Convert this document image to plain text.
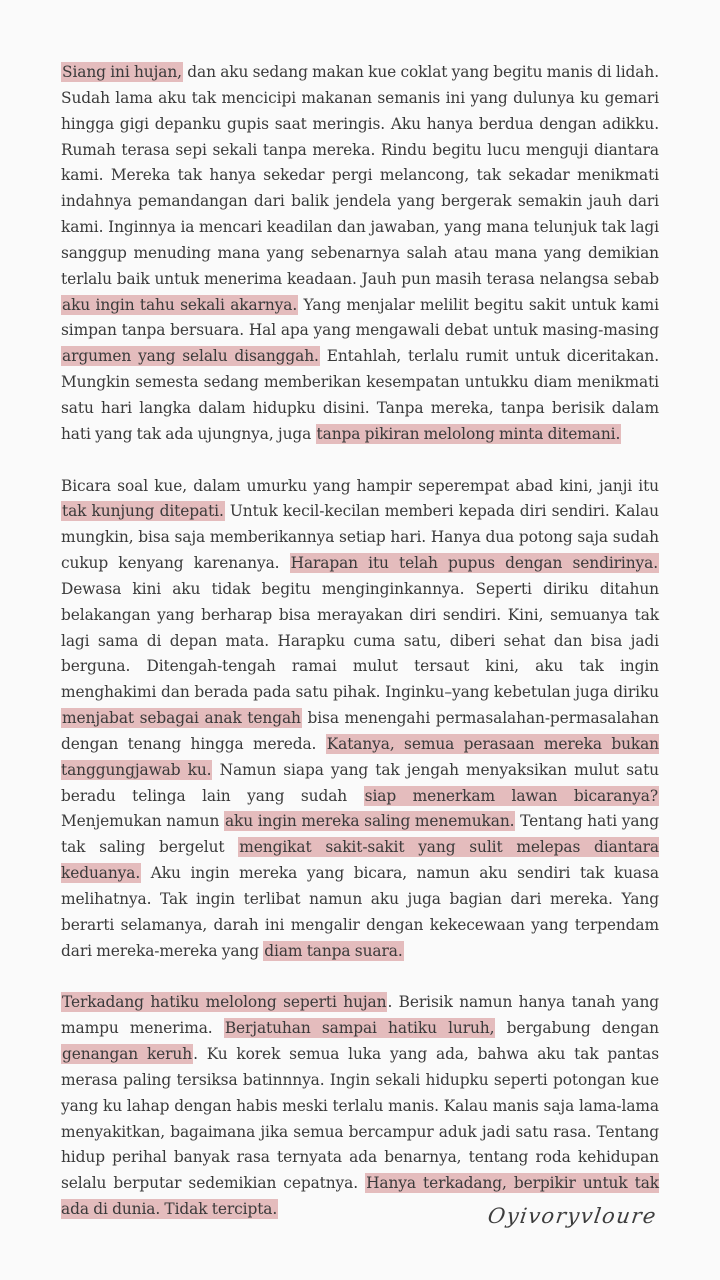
Siang ini hujan, dan aku sedang makan kue coklat yang begitu manis di lidah. Sudah lama aku tak mencicipi makanan semanis ini yang dulunya ku gemari hingga gigi depanku gupis saat meringis. Aku hanya berdua dengan adikku. Rumah terasa sepi sekali tanpa mereka. Rindu begitu lucu menguji diantara kami. Mereka tak hanya sekedar pergi melancong, tak sekadar menikmati indahnya pemandangan dari balik jendela yang bergerak semakin jauh dari kami. Inginnya ia mencari keadilan dan jawaban, yang mana telunjuk tak lagi sanggup menuding mana yang sebenarnya salah atau mana yang demikian terlalu baik untuk menerima keadaan. Jauh pun masih terasa nelangsa sebab aku ingin tahu sekali akarnya. Yang menjalar melilit begitu sakit untuk kami simpan tanpa bersuara. Hal apa yang mengawali debat untuk masing-masing argumen yang selalu disanggah. Entahlah, terlalu rumit untuk diceritakan. Mungkin semesta sedang memberikan kesempatan untukku diam menikmati satu hari langka dalam hidupku disini. Tanpa mereka, tanpa berisik dalam hati yang tak ada ujungnya, juga tanpa pikiran melolong minta ditemani.

Bicara soal kue, dalam umurku yang hampir seperempat abad kini, janji itu tak kunjung ditepati. Untuk kecil-kecilan memberi kepada diri sendiri. Kalau mungkin, bisa saja memberikannya setiap hari. Hanya dua potong saja sudah cukup kenyang karenanya. Harapan itu telah pupus dengan sendirinya. Dewasa kini aku tidak begitu menginginkannya. Seperti diriku ditahun belakangan yang berharap bisa merayakan diri sendiri. Kini, semuanya tak lagi sama di depan mata. Harapku cuma satu, diberi sehat dan bisa jadi berguna. Ditengah-tengah ramai mulut tersaut kini, aku tak ingin menghakimi dan berada pada satu pihak. Inginku–yang kebetulan juga diriku menjabat sebagai anak tengah bisa menengahi permasalahan-permasalahan dengan tenang hingga mereda. Katanya, semua perasaan mereka bukan tanggungjawab ku. Namun siapa yang tak jengah menyaksikan mulut satu beradu telinga lain yang sudah siap menerkam lawan bicaranya? Menjemukan namun aku ingin mereka saling menemukan. Tentang hati yang tak saling bergelut mengikat sakit-sakit yang sulit melepas diantara keduanya. Aku ingin mereka yang bicara, namun aku sendiri tak kuasa melihatnya. Tak ingin terlibat namun aku juga bagian dari mereka. Yang berarti selamanya, darah ini mengalir dengan kekecewaan yang terpendam dari mereka-mereka yang diam tanpa suara.

Terkadang hatiku melolong seperti hujan. Berisik namun hanya tanah yang mampu menerima. Berjatuhan sampai hatiku luruh, bergabung dengan genangan keruh. Ku korek semua luka yang ada, bahwa aku tak pantas merasa paling tersiksa batinnnya. Ingin sekali hidupku seperti potongan kue yang ku lahap dengan habis meski terlalu manis. Kalau manis saja lama-lama menyakitkan, bagaimana jika semua bercampur aduk jadi satu rasa. Tentang hidup perihal banyak rasa ternyata ada benarnya, tentang roda kehidupan selalu berputar sedemikian cepatnya. Hanya terkadang, berpikir untuk tak ada di dunia. Tidak tercipta.	Oyivoryvloure
